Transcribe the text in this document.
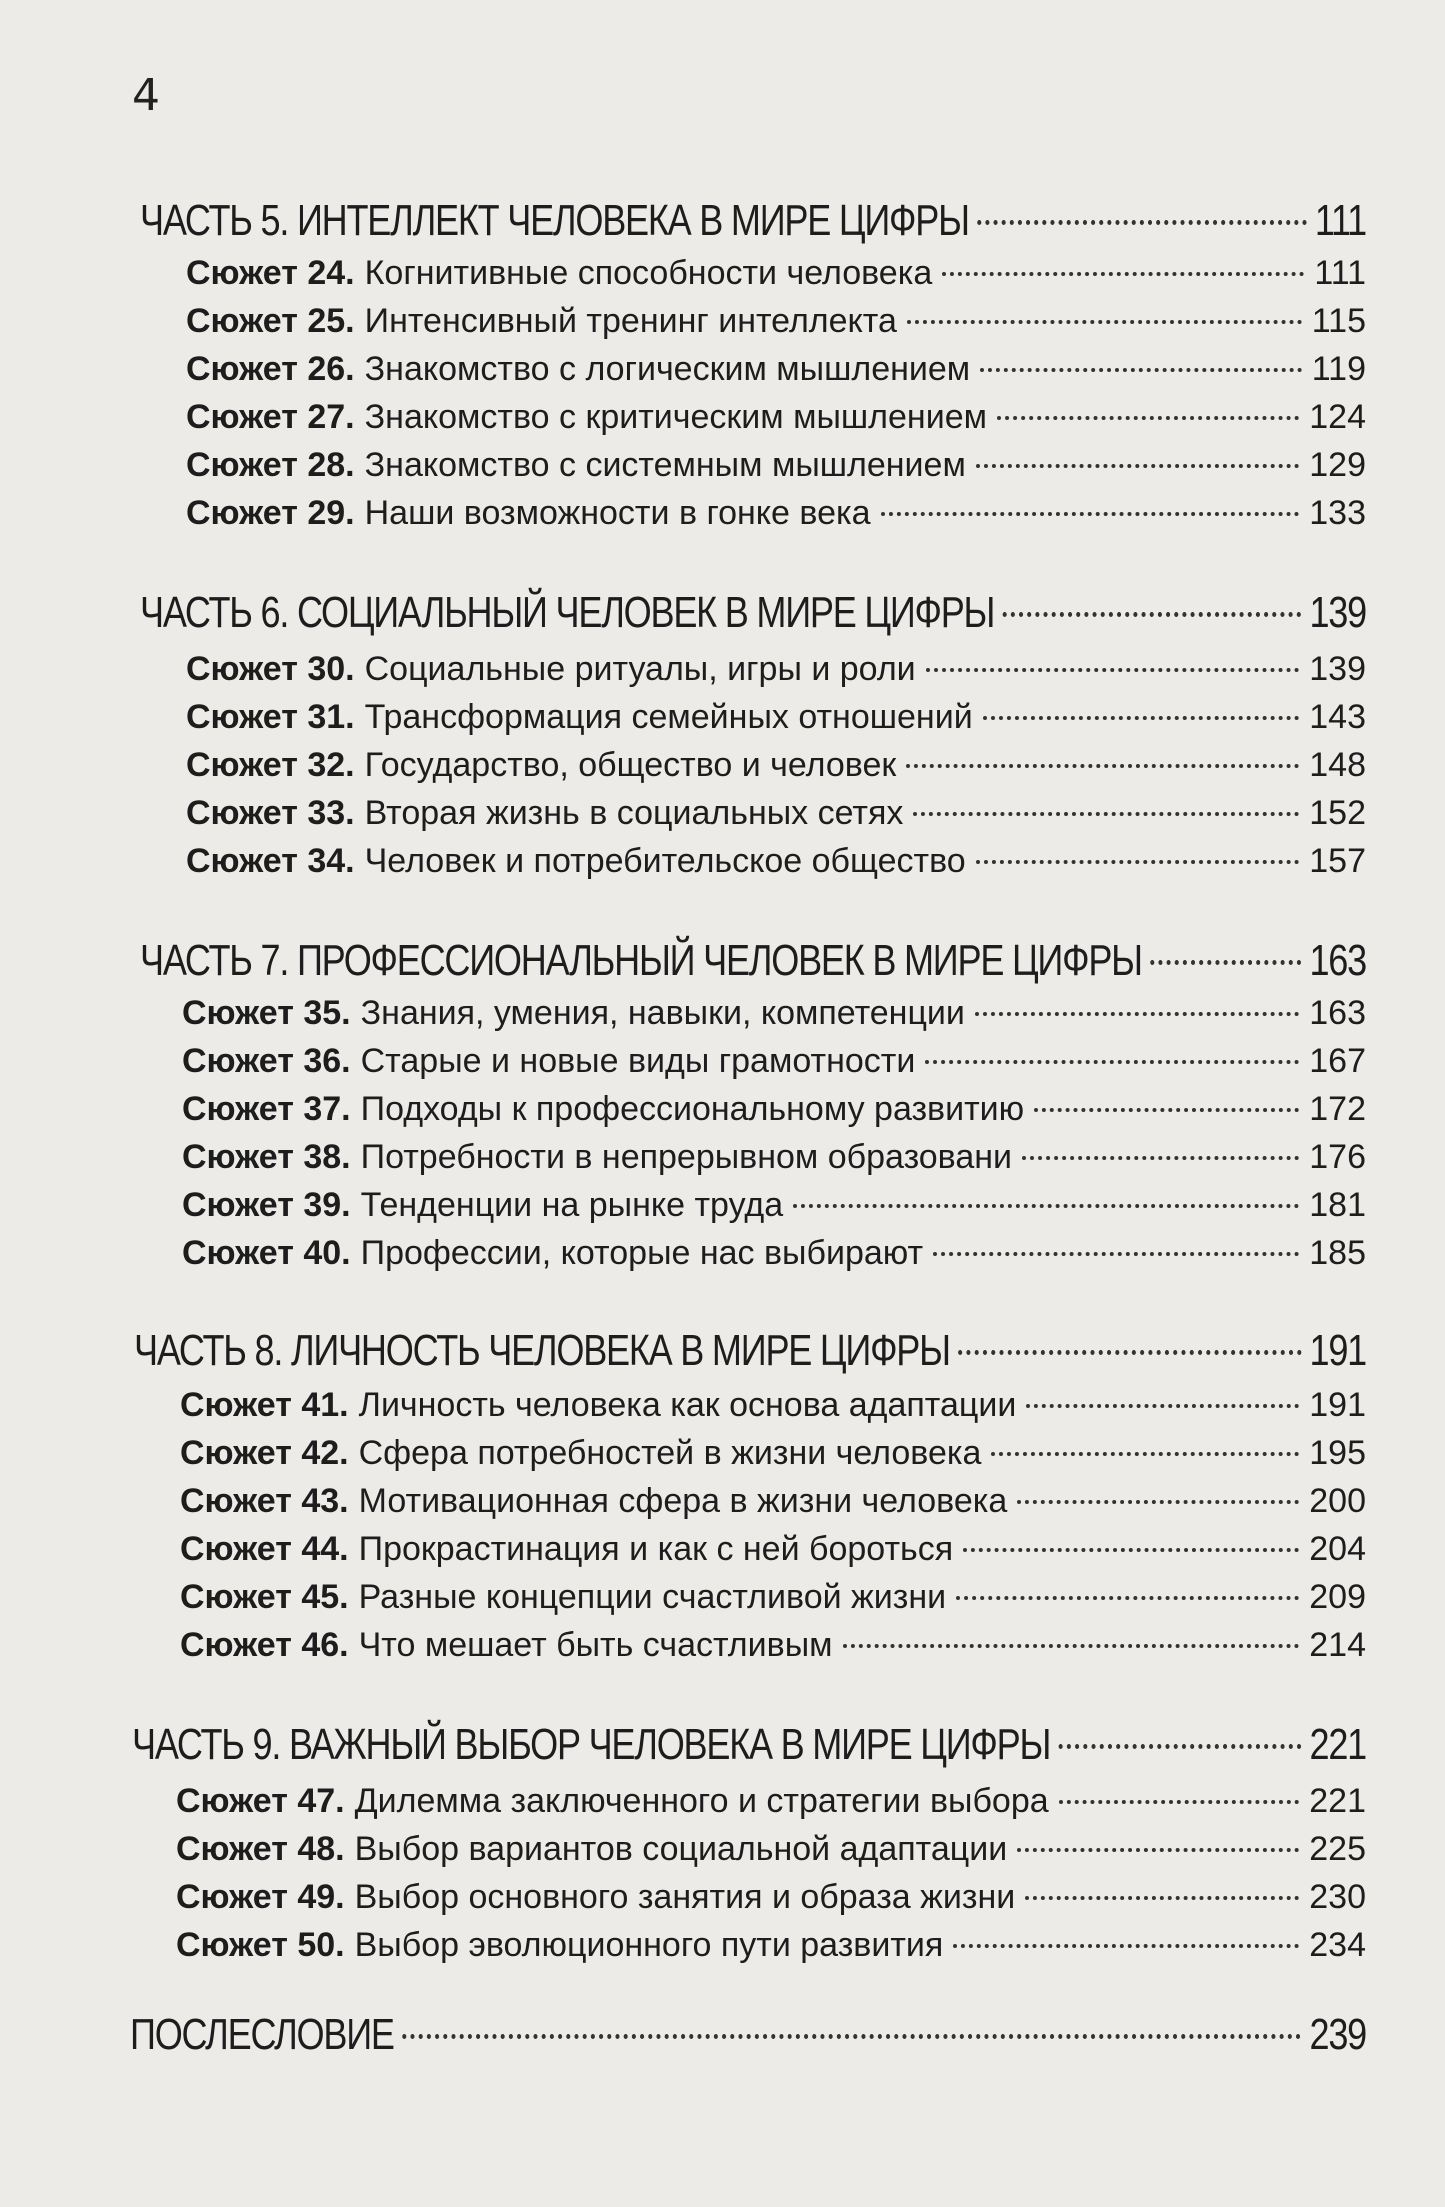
4
ЧАСТЬ 5. ИНТЕЛЛЕКТ ЧЕЛОВЕКА В МИРЕ ЦИФРЫ	111
Сюжет 24. Когнитивные способности человека	111
Сюжет 25. Интенсивный тренинг интеллекта	115
Сюжет 26. Знакомство с логическим мышлением	119
Сюжет 27. Знакомство с критическим мышлением	124
Сюжет 28. Знакомство с системным мышлением	129
Сюжет 29. Наши возможности в гонке века	133
ЧАСТЬ 6. СОЦИАЛЬНЫЙ ЧЕЛОВЕК В МИРЕ ЦИФРЫ	139
Сюжет 30. Социальные ритуалы, игры и роли	139
Сюжет 31. Трансформация семейных отношений	143
Сюжет 32. Государство, общество и человек	148
Сюжет 33. Вторая жизнь в социальных сетях	152
Сюжет 34. Человек и потребительское общество	157
ЧАСТЬ 7. ПРОФЕССИОНАЛЬНЫЙ ЧЕЛОВЕК В МИРЕ ЦИФРЫ	163
Сюжет 35. Знания, умения, навыки, компетенции	163
Сюжет 36. Старые и новые виды грамотности	167
Сюжет 37. Подходы к профессиональному развитию	172
Сюжет 38. Потребности в непрерывном образовани	176
Сюжет 39. Тенденции на рынке труда	181
Сюжет 40. Профессии, которые нас выбирают	185
ЧАСТЬ 8. ЛИЧНОСТЬ ЧЕЛОВЕКА В МИРЕ ЦИФРЫ	191
Сюжет 41. Личность человека как основа адаптации	191
Сюжет 42. Сфера потребностей в жизни человека	195
Сюжет 43. Мотивационная сфера в жизни человека	200
Сюжет 44. Прокрастинация и как с ней бороться	204
Сюжет 45. Разные концепции счастливой жизни	209
Сюжет 46. Что мешает быть счастливым	214
ЧАСТЬ 9. ВАЖНЫЙ ВЫБОР ЧЕЛОВЕКА В МИРЕ ЦИФРЫ	221
Сюжет 47. Дилемма заключенного и стратегии выбора	221
Сюжет 48. Выбор вариантов социальной адаптации	225
Сюжет 49. Выбор основного занятия и образа жизни	230
Сюжет 50. Выбор эволюционного пути развития	234
ПОСЛЕСЛОВИЕ	239
